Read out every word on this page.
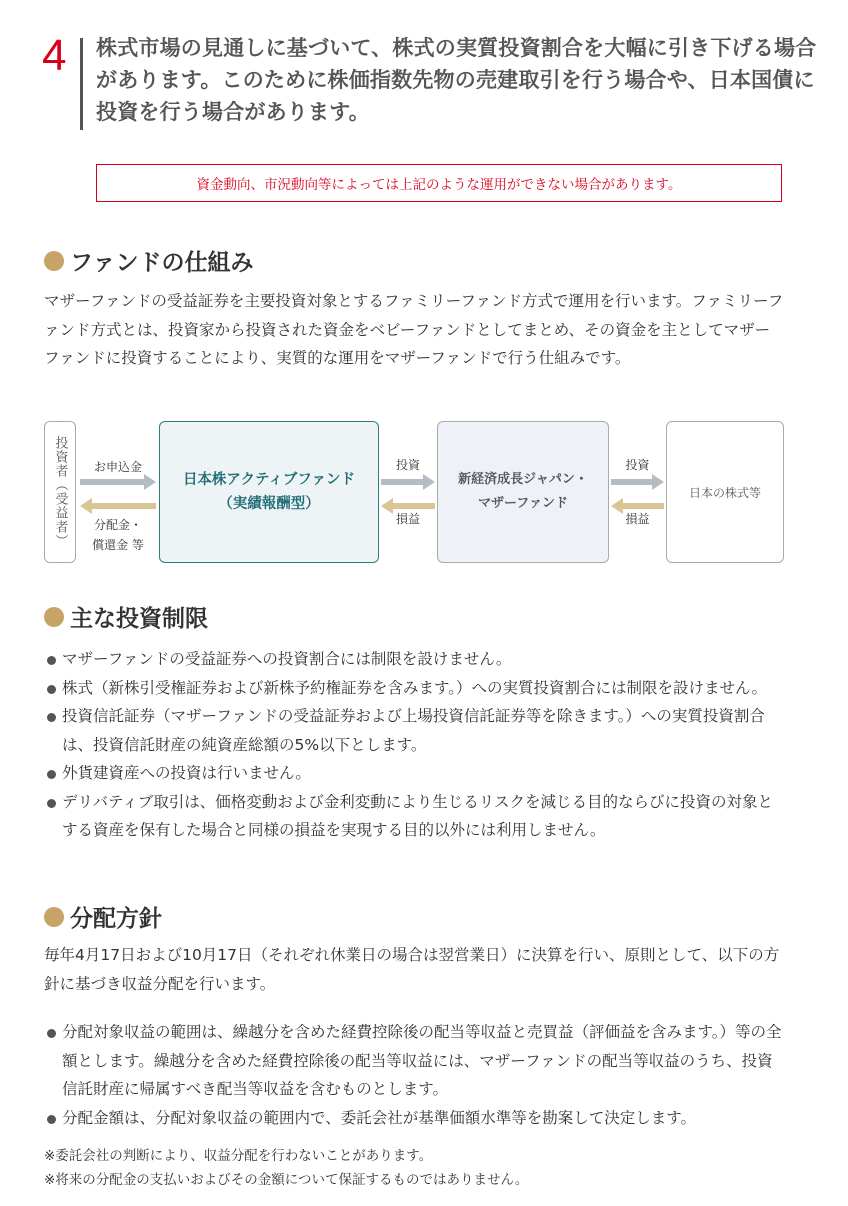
4 株式市場の見通しに基づいて、株式の実質投資割合を大幅に引き下げる場合があります。このために株価指数先物の売建取引を行う場合や、日本国債に投資を行う場合があります。
資金動向、市況動向等によっては上記のような運用ができない場合があります。
ファンドの仕組み
マザーファンドの受益証券を主要投資対象とするファミリーファンド方式で運用を行います。ファミリーファンド方式とは、投資家から投資された資金をベビーファンドとしてまとめ、その資金を主としてマザーファンドに投資することにより、実質的な運用をマザーファンドで行う仕組みです。
投資者（受益者）	お申込金
分配金・
償還金 等
日本株アクティブファンド
（実績報酬型）
投資
損益
新経済成長ジャパン・
マザーファンド
投資
損益
日本の株式等
主な投資制限
マザーファンドの受益証券への投資割合には制限を設けません。
株式（新株引受権証券および新株予約権証券を含みます。）への実質投資割合には制限を設けません。
投資信託証券（マザーファンドの受益証券および上場投資信託証券等を除きます。）への実質投資割合は、投資信託財産の純資産総額の5%以下とします。
外貨建資産への投資は行いません。
デリバティブ取引は、価格変動および金利変動により生じるリスクを減じる目的ならびに投資の対象とする資産を保有した場合と同様の損益を実現する目的以外には利用しません。
分配方針
毎年4月17日および10月17日（それぞれ休業日の場合は翌営業日）に決算を行い、原則として、以下の方針に基づき収益分配を行います。
分配対象収益の範囲は、繰越分を含めた経費控除後の配当等収益と売買益（評価益を含みます。）等の全額とします。繰越分を含めた経費控除後の配当等収益には、マザーファンドの配当等収益のうち、投資信託財産に帰属すべき配当等収益を含むものとします。
分配金額は、分配対象収益の範囲内で、委託会社が基準価額水準等を勘案して決定します。
※委託会社の判断により、収益分配を行わないことがあります。
※将来の分配金の支払いおよびその金額について保証するものではありません。
